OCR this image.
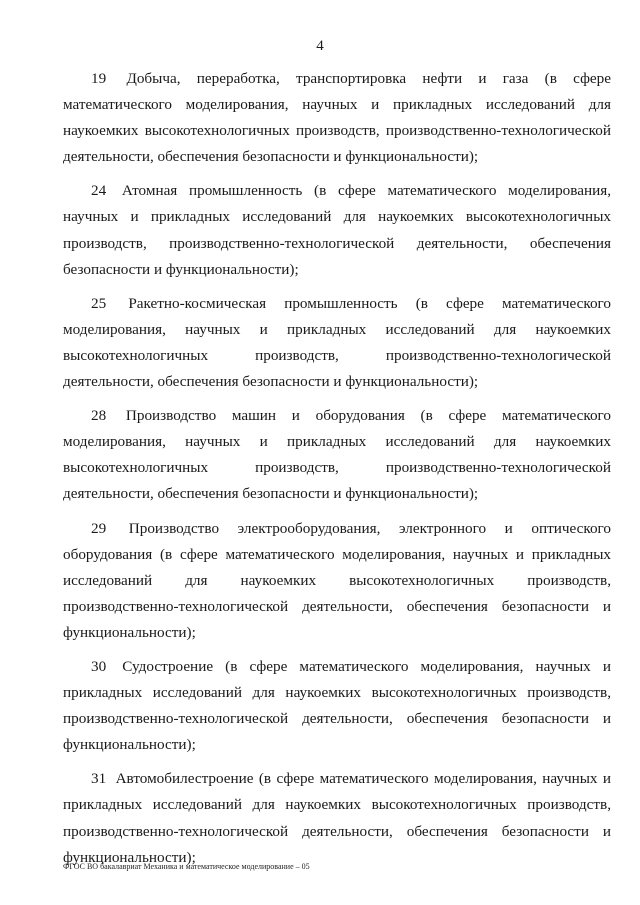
4

19 Добыча, переработка, транспортировка нефти и газа (в сфере математического моделирования, научных и прикладных исследований для наукоемких высокотехнологичных производств, производственно-технологической деятельности, обеспечения безопасности и функциональности);

24 Атомная промышленность (в сфере математического моделирования, научных и прикладных исследований для наукоемких высокотехнологичных производств, производственно-технологической деятельности, обеспечения безопасности и функциональности);

25 Ракетно-космическая промышленность (в сфере математического моделирования, научных и прикладных исследований для наукоемких высокотехнологичных производств, производственно-технологической деятельности, обеспечения безопасности и функциональности);

28 Производство машин и оборудования (в сфере математического моделирования, научных и прикладных исследований для наукоемких высокотехнологичных производств, производственно-технологической деятельности, обеспечения безопасности и функциональности);

29 Производство электрооборудования, электронного и оптического оборудования (в сфере математического моделирования, научных и прикладных исследований для наукоемких высокотехнологичных производств, производственно-технологической деятельности, обеспечения безопасности и функциональности);

30 Судостроение (в сфере математического моделирования, научных и прикладных исследований для наукоемких высокотехнологичных производств, производственно-технологической деятельности, обеспечения безопасности и функциональности);

31 Автомобилестроение (в сфере математического моделирования, научных и прикладных исследований для наукоемких высокотехнологичных производств, производственно-технологической деятельности, обеспечения безопасности и функциональности);

ФГОС ВО бакалавриат Механика и математическое моделирование – 05
